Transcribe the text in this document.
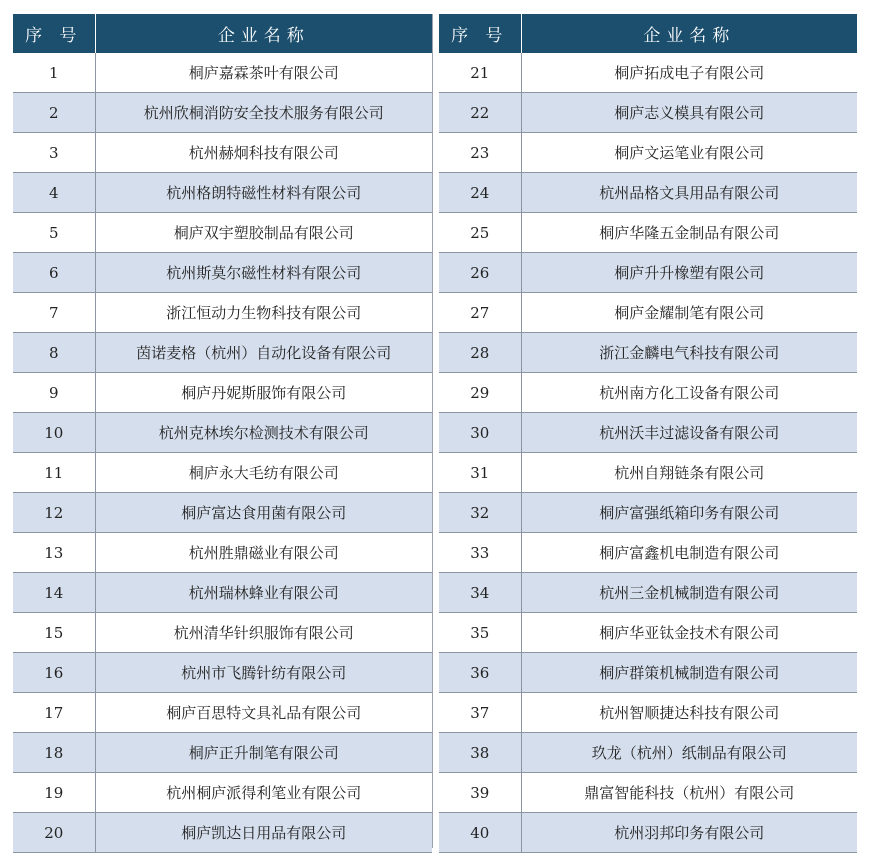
序 号	企业名称
1	桐庐嘉霖茶叶有限公司
2	杭州欣桐消防安全技术服务有限公司
3	杭州赫炯科技有限公司
4	杭州格朗特磁性材料有限公司
5	桐庐双宇塑胶制品有限公司
6	杭州斯莫尔磁性材料有限公司
7	浙江恒动力生物科技有限公司
8	茵诺麦格（杭州）自动化设备有限公司
9	桐庐丹妮斯服饰有限公司
10	杭州克林埃尔检测技术有限公司
11	桐庐永大毛纺有限公司
12	桐庐富达食用菌有限公司
13	杭州胜鼎磁业有限公司
14	杭州瑞林蜂业有限公司
15	杭州清华针织服饰有限公司
16	杭州市飞腾针纺有限公司
17	桐庐百思特文具礼品有限公司
18	桐庐正升制笔有限公司
19	杭州桐庐派得利笔业有限公司
20	桐庐凯达日用品有限公司
序 号	企业名称
21	桐庐拓成电子有限公司
22	桐庐志义模具有限公司
23	桐庐文运笔业有限公司
24	杭州品格文具用品有限公司
25	桐庐华隆五金制品有限公司
26	桐庐升升橡塑有限公司
27	桐庐金耀制笔有限公司
28	浙江金麟电气科技有限公司
29	杭州南方化工设备有限公司
30	杭州沃丰过滤设备有限公司
31	杭州自翔链条有限公司
32	桐庐富强纸箱印务有限公司
33	桐庐富鑫机电制造有限公司
34	杭州三金机械制造有限公司
35	桐庐华亚钛金技术有限公司
36	桐庐群策机械制造有限公司
37	杭州智顺捷达科技有限公司
38	玖龙（杭州）纸制品有限公司
39	鼎富智能科技（杭州）有限公司
40	杭州羽邦印务有限公司
